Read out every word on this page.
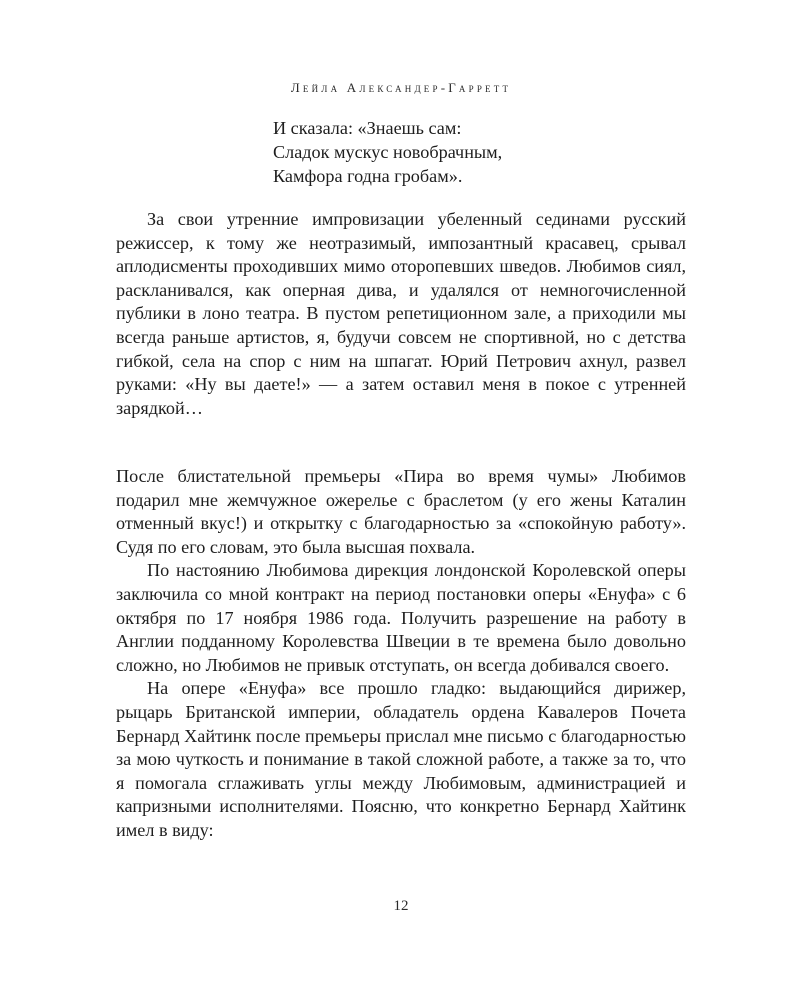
Лейла Александер-Гарретт
И сказала: «Знаешь сам:
Сладок мускус новобрачным,
Камфора годна гробам».

За свои утренние импровизации убеленный сединами русский режиссер, к тому же неотразимый, импозантный красавец, срывал аплодисменты проходивших мимо оторопевших шведов. Любимов сиял, раскланивался, как оперная дива, и удалялся от немногочисленной публики в лоно театра. В пустом репетиционном зале, а приходили мы всегда раньше артистов, я, будучи совсем не спортивной, но с детства гибкой, села на спор с ним на шпагат. Юрий Петрович ахнул, развел руками: «Ну вы даете!» — а затем оставил меня в покое с утренней зарядкой…

После блистательной премьеры «Пира во время чумы» Любимов подарил мне жемчужное ожерелье с браслетом (у его жены Каталин отменный вкус!) и открытку с благодарностью за «спокойную работу». Судя по его словам, это была высшая похвала.

По настоянию Любимова дирекция лондонской Королевской оперы заключила со мной контракт на период постановки оперы «Енуфа» с 6 октября по 17 ноября 1986 года. Получить разрешение на работу в Англии подданному Королевства Швеции в те времена было довольно сложно, но Любимов не привык отступать, он всегда добивался своего.

На опере «Енуфа» все прошло гладко: выдающийся дирижер, рыцарь Британской империи, обладатель ордена Кавалеров Почета Бернард Хайтинк после премьеры прислал мне письмо с благодарностью за мою чуткость и понимание в такой сложной работе, а также за то, что я помогала сглаживать углы между Любимовым, администрацией и капризными исполнителями. Поясню, что конкретно Бернард Хайтинк имел в виду:

12
